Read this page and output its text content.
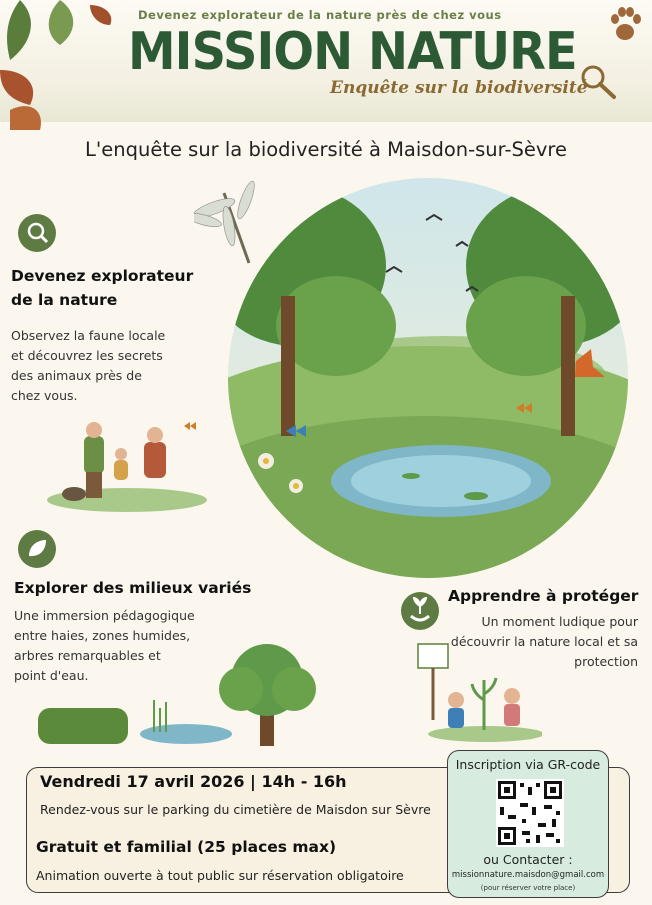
Devenez explorateur de la nature près de chez vous
MISSION NATURE
Enquête sur la biodiversité
L'enquête sur la biodiversité à Maisdon-sur-Sèvre
Devenez explorateur
de la nature
Observez la faune locale
et découvrez les secrets
des animaux près de
chez vous.
Explorer des milieux variés
Une immersion pédagogique
entre haies, zones humides,
arbres remarquables et
point d'eau.
Apprendre à protéger
Un moment ludique pour
découvrir la nature local et sa
protection
Vendredi 17 avril 2026 | 14h - 16h
Rendez-vous sur le parking du cimetière de Maisdon sur Sèvre
Gratuit et familial (25 places max)
Animation ouverte à tout public sur réservation obligatoire
Inscription via GR-code
ou Contacter :
missionnature.maisdon@gmail.com
(pour réserver votre place)
